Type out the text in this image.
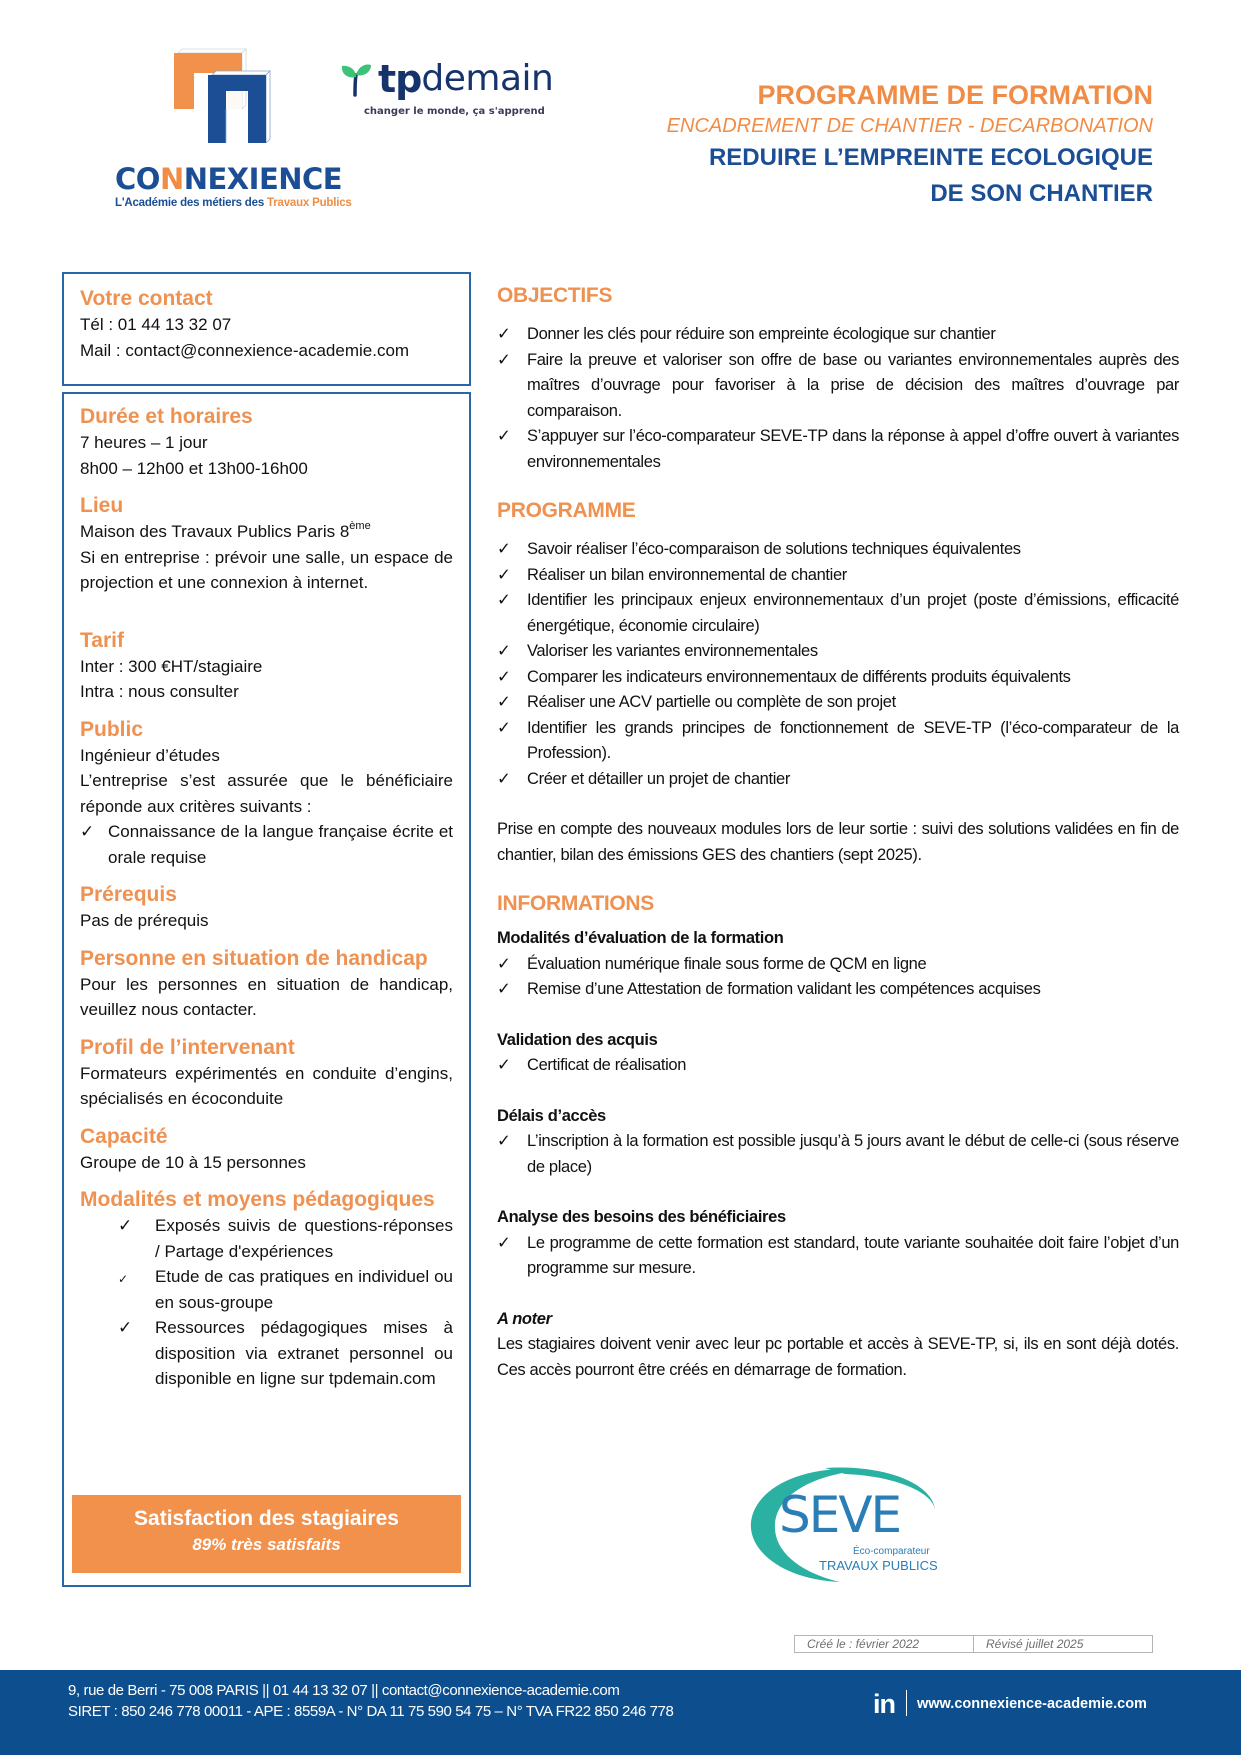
CONNEXIENCE
L'Académie des métiers des Travaux Publics
tp demain
changer le monde, ça s'apprend
PROGRAMME DE FORMATION
ENCADREMENT DE CHANTIER - DECARBONATION
REDUIRE L’EMPREINTE ECOLOGIQUE
DE SON CHANTIER
Votre contact
Tél : 01 44 13 32 07
Mail : contact@connexience-academie.com
Durée et horaires
7 heures – 1 jour
8h00 – 12h00 et 13h00-16h00
Lieu
Maison des Travaux Publics Paris 8ème
Si en entreprise : prévoir une salle, un espace de projection et une connexion à internet.
Tarif
Inter : 300 €HT/stagiaire
Intra : nous consulter
Public
Ingénieur d’études
L’entreprise s’est assurée que le bénéficiaire réponde aux critères suivants :
✓ Connaissance de la langue française écrite et orale requise
Prérequis
Pas de prérequis
Personne en situation de handicap
Pour les personnes en situation de handicap, veuillez nous contacter.
Profil de l’intervenant
Formateurs expérimentés en conduite d’engins, spécialisés en écoconduite
Capacité
Groupe de 10 à 15 personnes
Modalités et moyens pédagogiques
✓ Exposés suivis de questions-réponses / Partage d'expériences
✓ Etude de cas pratiques en individuel ou en sous-groupe
✓ Ressources pédagogiques mises à disposition via extranet personnel ou disponible en ligne sur tpdemain.com
Satisfaction des stagiaires
89% très satisfaits
OBJECTIFS
✓ Donner les clés pour réduire son empreinte écologique sur chantier
✓ Faire la preuve et valoriser son offre de base ou variantes environnementales auprès des maîtres d’ouvrage pour favoriser à la prise de décision des maîtres d’ouvrage par comparaison.
✓ S’appuyer sur l’éco-comparateur SEVE-TP dans la réponse à appel d’offre ouvert à variantes environnementales
PROGRAMME
✓ Savoir réaliser l’éco-comparaison de solutions techniques équivalentes
✓ Réaliser un bilan environnemental de chantier
✓ Identifier les principaux enjeux environnementaux d’un projet (poste d’émissions, efficacité énergétique, économie circulaire)
✓ Valoriser les variantes environnementales
✓ Comparer les indicateurs environnementaux de différents produits équivalents
✓ Réaliser une ACV partielle ou complète de son projet
✓ Identifier les grands principes de fonctionnement de SEVE-TP (l’éco-comparateur de la Profession).
✓ Créer et détailler un projet de chantier
Prise en compte des nouveaux modules lors de leur sortie : suivi des solutions validées en fin de chantier, bilan des émissions GES des chantiers (sept 2025).
INFORMATIONS
Modalités d’évaluation de la formation
✓ Évaluation numérique finale sous forme de QCM en ligne
✓ Remise d’une Attestation de formation validant les compétences acquises
Validation des acquis
✓ Certificat de réalisation
Délais d’accès
✓ L’inscription à la formation est possible jusqu’à 5 jours avant le début de celle-ci (sous réserve de place)
Analyse des besoins des bénéficiaires
✓ Le programme de cette formation est standard, toute variante souhaitée doit faire l’objet d’un programme sur mesure.
A noter
Les stagiaires doivent venir avec leur pc portable et accès à SEVE-TP, si, ils en sont déjà dotés. Ces accès pourront être créés en démarrage de formation.
SEVE
Éco-comparateur
TRAVAUX PUBLICS
Créé le : février 2022	Révisé juillet 2025
9, rue de Berri - 75 008 PARIS || 01 44 13 32 07 || contact@connexience-academie.com
SIRET : 850 246 778 00011 - APE : 8559A - N° DA 11 75 590 54 75 – N° TVA FR22 850 246 778	in www.connexience-academie.com
